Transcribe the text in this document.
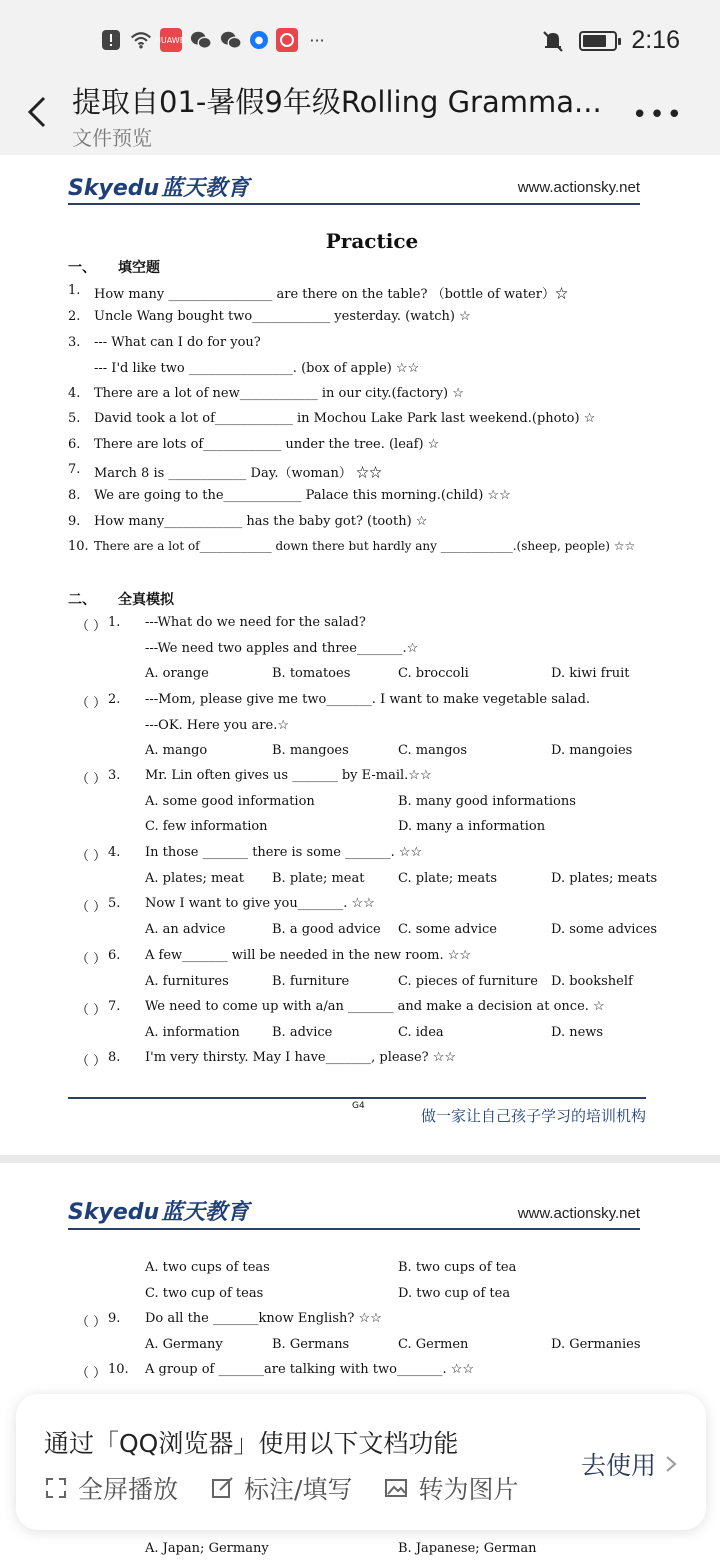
HUAWEI	●	···	2:16
提取自01-暑假9年级Rolling Gramma...
文件预览
•••
Skyedu蓝天教育	www.actionsky.net
Practice
一、 填空题
1. How many ________________ are there on the table? （bottle of water）☆
2. Uncle Wang bought two____________ yesterday. (watch) ☆
3. --- What can I do for you?
--- I'd like two ________________. (box of apple) ☆☆
4. There are a lot of new____________ in our city.(factory) ☆
5. David took a lot of____________ in Mochou Lake Park last weekend.(photo) ☆
6. There are lots of____________ under the tree. (leaf) ☆
7. March 8 is ____________ Day.（woman） ☆☆
8. We are going to the____________ Palace this morning.(child) ☆☆
9. How many____________ has the baby got? (tooth) ☆
10. There are a lot of____________ down there but hardly any ____________.(sheep, people) ☆☆
二、 全真模拟
（ ） 1. ---What do we need for the salad?
---We need two apples and three_______.☆
A. orange	B. tomatoes	C. broccoli	D. kiwi fruit
（ ） 2. ---Mom, please give me two_______. I want to make vegetable salad.
---OK. Here you are.☆
A. mango	B. mangoes	C. mangos	D. mangoies
（ ） 3. Mr. Lin often gives us _______ by E-mail.☆☆
A. some good information	B. many good informations
C. few information	D. many a information
（ ） 4. In those _______ there is some _______. ☆☆
A. plates; meat B. plate; meat	C. plate; meats	D. plates; meats
（ ） 5. Now I want to give you_______. ☆☆
A. an advice	B. a good advice C. some advice	D. some advices
（ ） 6. A few_______ will be needed in the new room. ☆☆
A. furnitures	B. furniture	C. pieces of furniture D. bookshelf
（ ） 7. We need to come up with a/an _______ and make a decision at once. ☆
A. information B. advice	C. idea	D. news
（ ） 8. I'm very thirsty. May I have_______, please? ☆☆
G4
做一家让自己孩子学习的培训机构
Skyedu蓝天教育	www.actionsky.net
A. two cups of teas	B. two cups of tea
C. two cup of teas	D. two cup of tea
（ ） 9. Do all the _______know English? ☆☆
A. Germany	B. Germans	C. Germen	D. Germanies
（ ） 10. A group of _______are talking with two_______. ☆☆
A. Japan; Germany	B. Japanese; German
通过「QQ浏览器」使用以下文档功能
全屏播放	标注/填写	转为图片
去使用
